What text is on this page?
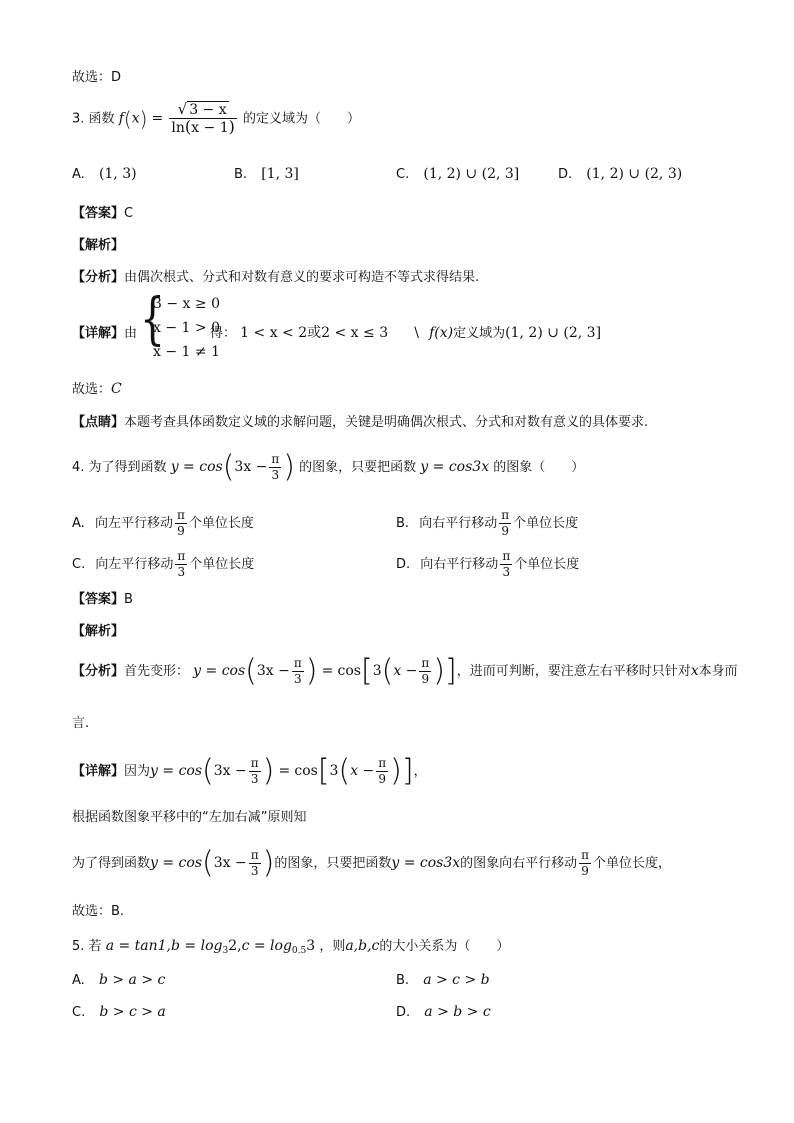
故选：D
3. 函数 $f(x) = \frac{√ 3 - x}{\ln(x - 1)}$ 的定义域为（　　）
A. (1, 3)	B. [1, 3]	C. (1, 2) ∪ (2, 3]	D. (1, 2) ∪ (2, 3)
【答案】C
【解析】
【分析】由偶次根式、分式和对数有意义的要求可构造不等式求得结果.
【详解】由 {
3 − x ≥ 0
x − 1 > 0
x − 1 ≠ 1
得： 1 < x < 2或2 < x ≤ 3 \ f(x)定义域为(1, 2) ∪ (2, 3]
故选：C
【点睛】本题考查具体函数定义域的求解问题，关键是明确偶次根式、分式和对数有意义的具体要求.
4. 为了得到函数 $y = \cos(3x - \frac{\pi}{3}$ ) 的图象，只要把函数 y = cos3x 的图象（　　）
A. 向左平行移动 $\frac{\pi}{9}$ 个单位长度	B. 向右平行移动 $\frac{\pi}{9}$ 个单位长度
C. 向左平行移动 $\frac{\pi}{3}$ 个单位长度	D. 向右平行移动 $\frac{\pi}{3}$ 个单位长度
【答案】B
【解析】
【分析】首先变形： $y = \cos(3x - \frac{\pi}{3}$ ) = $\cos[3(x - \frac{\pi}{9}$ )]，进而可判断，要注意左右平移时只针对x本身而
言.
【详解】因为$y = \cos(3x - \frac{\pi}{3}$ ) = $\cos[3(x - \frac{\pi}{9}$ )]，
根据函数图象平移中的“左加右减”原则知
为了得到函数$y = \cos(3x - \frac{\pi}{3}$ )的图象，只要把函数y = cos3x的图象向右平行移动 $\frac{\pi}{9}$ 个单位长度，
故选：B.
5. 若 $a = \tan 1,b = \log_32,c = \log_{0.5}3$ ，则a,b,c的大小关系为（　　）
A. b > a > c	B. a > c > b
C. b > c > a	D. a > b > c
